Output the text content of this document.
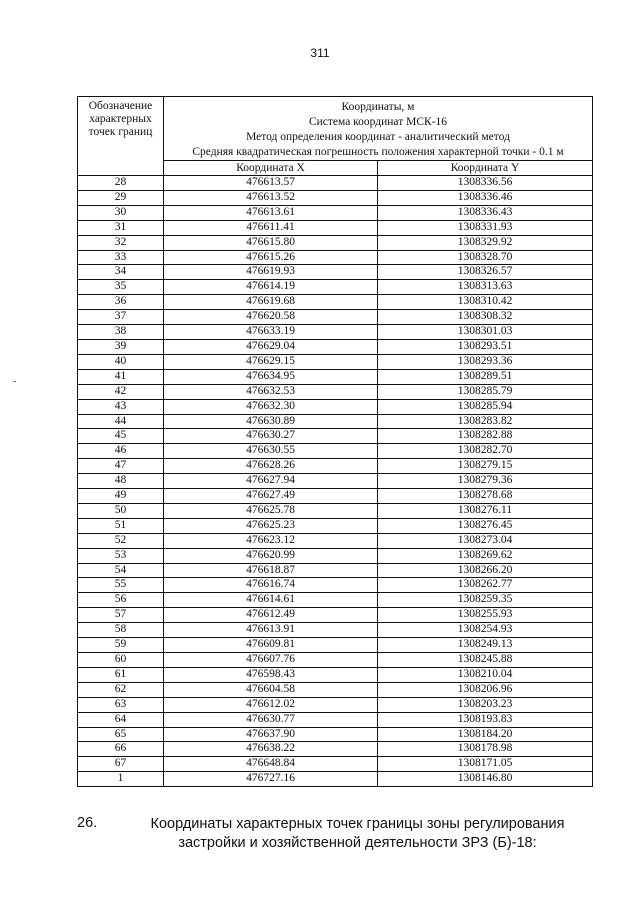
311
-
Обозначение характерных точек границ	Координаты, м
Система координат МСК-16
Метод определения координат - аналитический метод
Средняя квадратическая погрешность положения характерной точки - 0.1 м	

	Координата X	Координата Y
28	476613.57	1308336.56
29	476613.52	1308336.46
30	476613.61	1308336.43
31	476611.41	1308331.93
32	476615.80	1308329.92
33	476615.26	1308328.70
34	476619.93	1308326.57
35	476614.19	1308313.63
36	476619.68	1308310.42
37	476620.58	1308308.32
38	476633.19	1308301.03
39	476629.04	1308293.51
40	476629.15	1308293.36
41	476634.95	1308289.51
42	476632.53	1308285.79
43	476632.30	1308285.94
44	476630.89	1308283.82
45	476630.27	1308282.88
46	476630.55	1308282.70
47	476628.26	1308279.15
48	476627.94	1308279.36
49	476627.49	1308278.68
50	476625.78	1308276.11
51	476625.23	1308276.45
52	476623.12	1308273.04
53	476620.99	1308269.62
54	476618.87	1308266.20
55	476616.74	1308262.77
56	476614.61	1308259.35
57	476612.49	1308255.93
58	476613.91	1308254.93
59	476609.81	1308249.13
60	476607.76	1308245.88
61	476598.43	1308210.04
62	476604.58	1308206.96
63	476612.02	1308203.23
64	476630.77	1308193.83
65	476637.90	1308184.20
66	476638.22	1308178.98
67	476648.84	1308171.05
1	476727.16	1308146.80
26.	Координаты характерных точек границы зоны регулирования застройки и хозяйственной деятельности ЗРЗ (Б)-18:
